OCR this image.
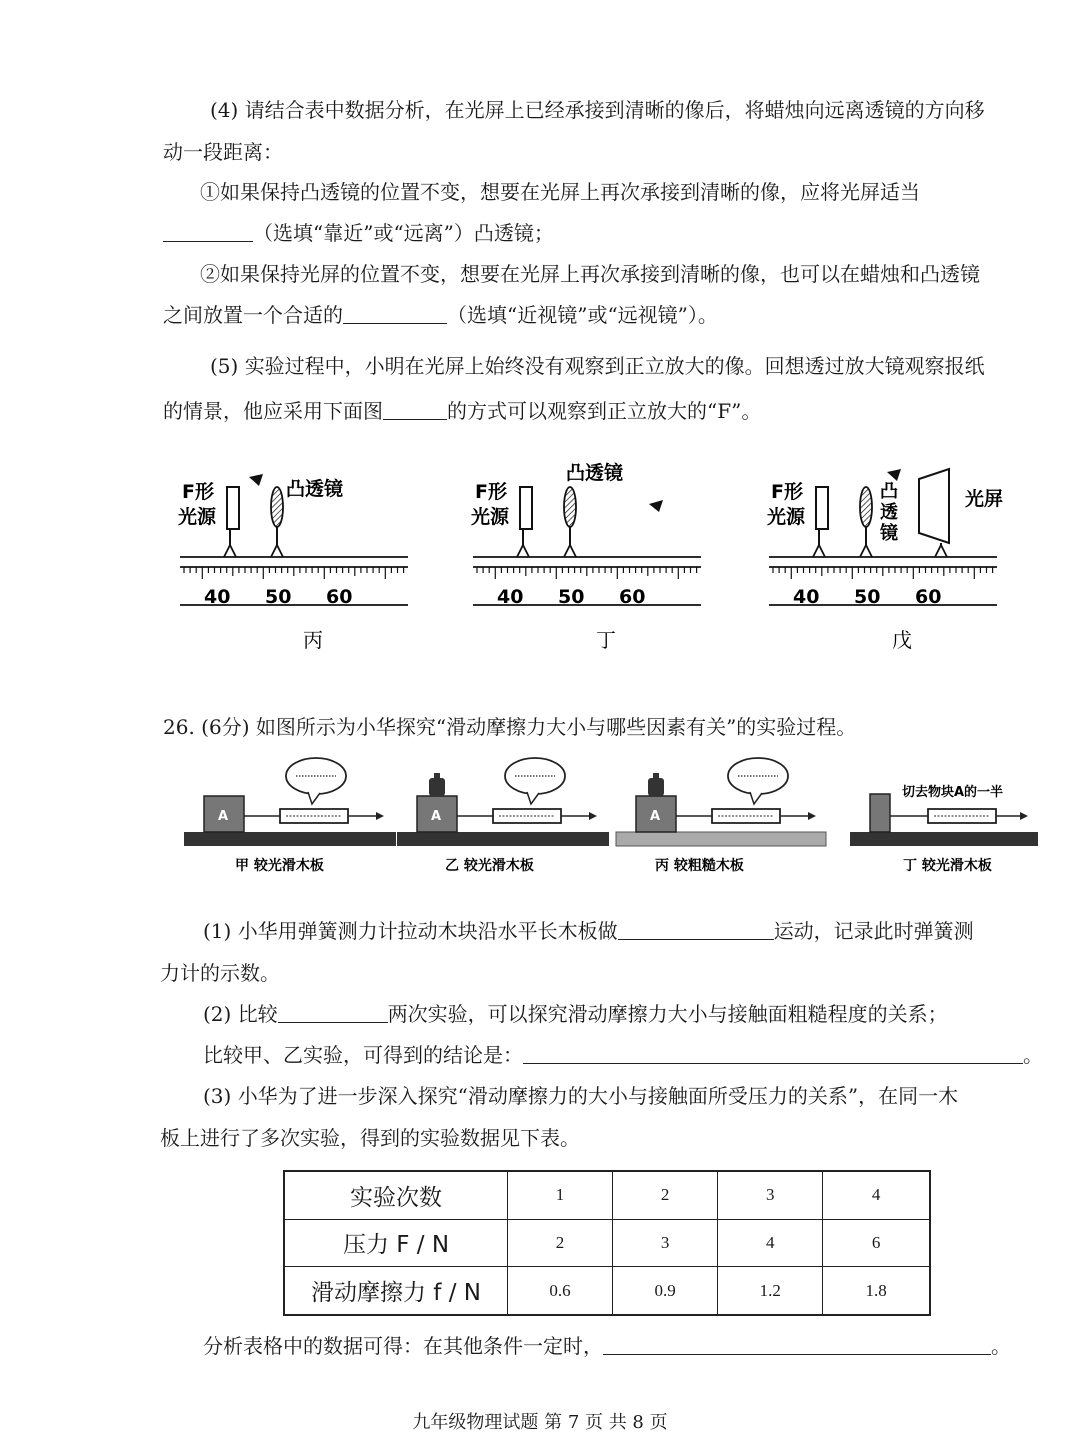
(4) 请结合表中数据分析，在光屏上已经承接到清晰的像后，将蜡烛向远离透镜的方向移
动一段距离：
①如果保持凸透镜的位置不变，想要在光屏上再次承接到清晰的像，应将光屏适当
（选填“靠近”或“远离”）凸透镜；
②如果保持光屏的位置不变，想要在光屏上再次承接到清晰的像，也可以在蜡烛和凸透镜
之间放置一个合适的	（选填“近视镜”或“远视镜”）。
(5) 实验过程中，小明在光屏上始终没有观察到正立放大的像。回想透过放大镜观察报纸
的情景，他应采用下面图	的方式可以观察到正立放大的“F”。
F形
光源
凸透镜
40 50 60
丙
F形
光源
凸透镜
40 50 60
丁
F形
光源
凸
透
镜
光屏
40 50 60
戊
26. (6分) 如图所示为小华探究“滑动摩擦力大小与哪些因素有关”的实验过程。
A
甲 较光滑木板
A
乙 较光滑木板
A
丙 较粗糙木板
切去物块A的一半
丁 较光滑木板
(1) 小华用弹簧测力计拉动木块沿水平长木板做	运动，记录此时弹簧测
力计的示数。
(2) 比较	两次实验，可以探究滑动摩擦力大小与接触面粗糙程度的关系；
比较甲、乙实验，可得到的结论是：	。
(3) 小华为了进一步深入探究“滑动摩擦力的大小与接触面所受压力的关系”，在同一木
板上进行了多次实验，得到的实验数据见下表。
实验次数	1	2	3	4
压力 F / N	2	3	4	6
滑动摩擦力 f / N	0.6	0.9	1.2	1.8
分析表格中的数据可得：在其他条件一定时，	。
九年级物理试题 第 7 页 共 8 页
